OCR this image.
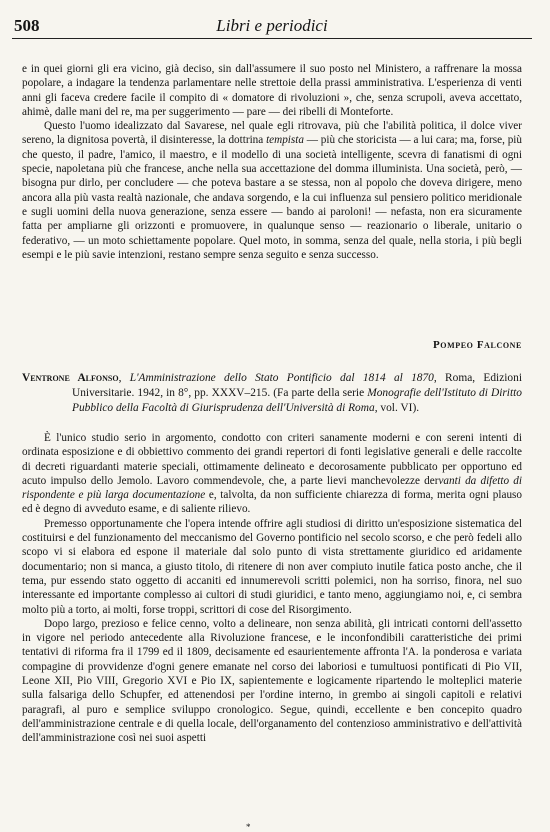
508	Libri e periodici

e in quei giorni gli era vicino, già deciso, sin dall'assumere il suo posto nel Ministero, a raffrenare la mossa popolare, a indagare la tendenza parlamentare nelle strettoie della prassi amministrativa. L'esperienza di venti anni gli faceva credere facile il compito di « domatore di rivoluzioni », che, senza scrupoli, aveva accettato, ahimè, dalle mani del re, ma per suggerimento — pare — dei ribelli di Monteforte.

Questo l'uomo idealizzato dal Savarese, nel quale egli ritrovava, più che l'abilità politica, il dolce viver sereno, la dignitosa povertà, il disinteresse, la dottrina tempista — più che storicista — a lui cara; ma, forse, più che questo, il padre, l'amico, il maestro, e il modello di una società intelligente, scevra di fanatismi di ogni specie, napoletana più che francese, anche nella sua accettazione del domma illuminista. Una società, però, — bisogna pur dirlo, per concludere — che poteva bastare a se stessa, non al popolo che doveva dirigere, meno ancora alla più vasta realtà nazionale, che andava sorgendo, e la cui influenza sul pensiero politico meridionale e sugli uomini della nuova generazione, senza essere — bando ai paroloni! — nefasta, non era sicuramente fatta per ampliarne gli orizzonti e promuovere, in qualunque senso — reazionario o liberale, unitario o federativo, — un moto schiettamente popolare. Quel moto, in somma, senza del quale, nella storia, i più begli esempi e le più savie intenzioni, restano sempre senza seguito e senza successo.

Pompeo Falcone
Ventrone Alfonso, L'Amministrazione dello Stato Pontificio dal 1814 al 1870, Roma, Edizioni Universitarie. 1942, in 8°, pp. XXXV–215. (Fa parte della serie Monografie dell'Istituto di Diritto Pubblico della Facoltà di Giurisprudenza dell'Università di Roma, vol. VI).

È l'unico studio serio in argomento, condotto con criteri sanamente moderni e con sereni intenti di ordinata esposizione e di obbiettivo commento dei grandi repertori di fonti legislative generali e delle raccolte di decreti riguardanti materie speciali, ottimamente delineato e decorosamente pubblicato per opportuno ed acuto impulso dello Jemolo. Lavoro commendevole, che, a parte lievi manchevolezze dervanti da difetto di rispondente e più larga documentazione e, talvolta, da non sufficiente chiarezza di forma, merita ogni plauso ed è degno di avveduto esame, e di saliente rilievo.

Premesso opportunamente che l'opera intende offrire agli studiosi di diritto un'esposizione sistematica del costituirsi e del funzionamento del meccanismo del Governo pontificio nel secolo scorso, e che però fedeli allo scopo vi si elabora ed espone il materiale dal solo punto di vista strettamente giuridico ed aridamente documentario; non si manca, a giusto titolo, di ritenere di non aver compiuto inutile fatica posto anche, che il tema, pur essendo stato oggetto di accaniti ed innumerevoli scritti polemici, non ha sorriso, finora, nel suo interessante ed importante complesso ai cultori di studi giuridici, e tanto meno, aggiungiamo noi, e, ci sembra molto più a torto, ai molti, forse troppi, scrittori di cose del Risorgimento.

Dopo largo, prezioso e felice cenno, volto a delineare, non senza abilità, gli intricati contorni dell'assetto in vigore nel periodo antecedente alla Rivoluzione francese, e le inconfondibili caratteristiche dei primi tentativi di riforma fra il 1799 ed il 1809, decisamente ed esaurientemente affronta l'A. la ponderosa e variata compagine di provvidenze d'ogni genere emanate nel corso dei laboriosi e tumultuosi pontificati di Pio VII, Leone XII, Pio VIII, Gregorio XVI e Pio IX, sapientemente e logicamente ripartendo le molteplici materie sulla falsariga dello Schupfer, ed attenendosi per l'ordine interno, in grembo ai singoli capitoli e relativi paragrafi, al puro e semplice sviluppo cronologico. Segue, quindi, eccellente e ben concepito quadro dell'amministrazione centrale e di quella locale, dell'organamento del contenzioso amministrativo e dell'attività dell'amministrazione così nei suoi aspetti

*
